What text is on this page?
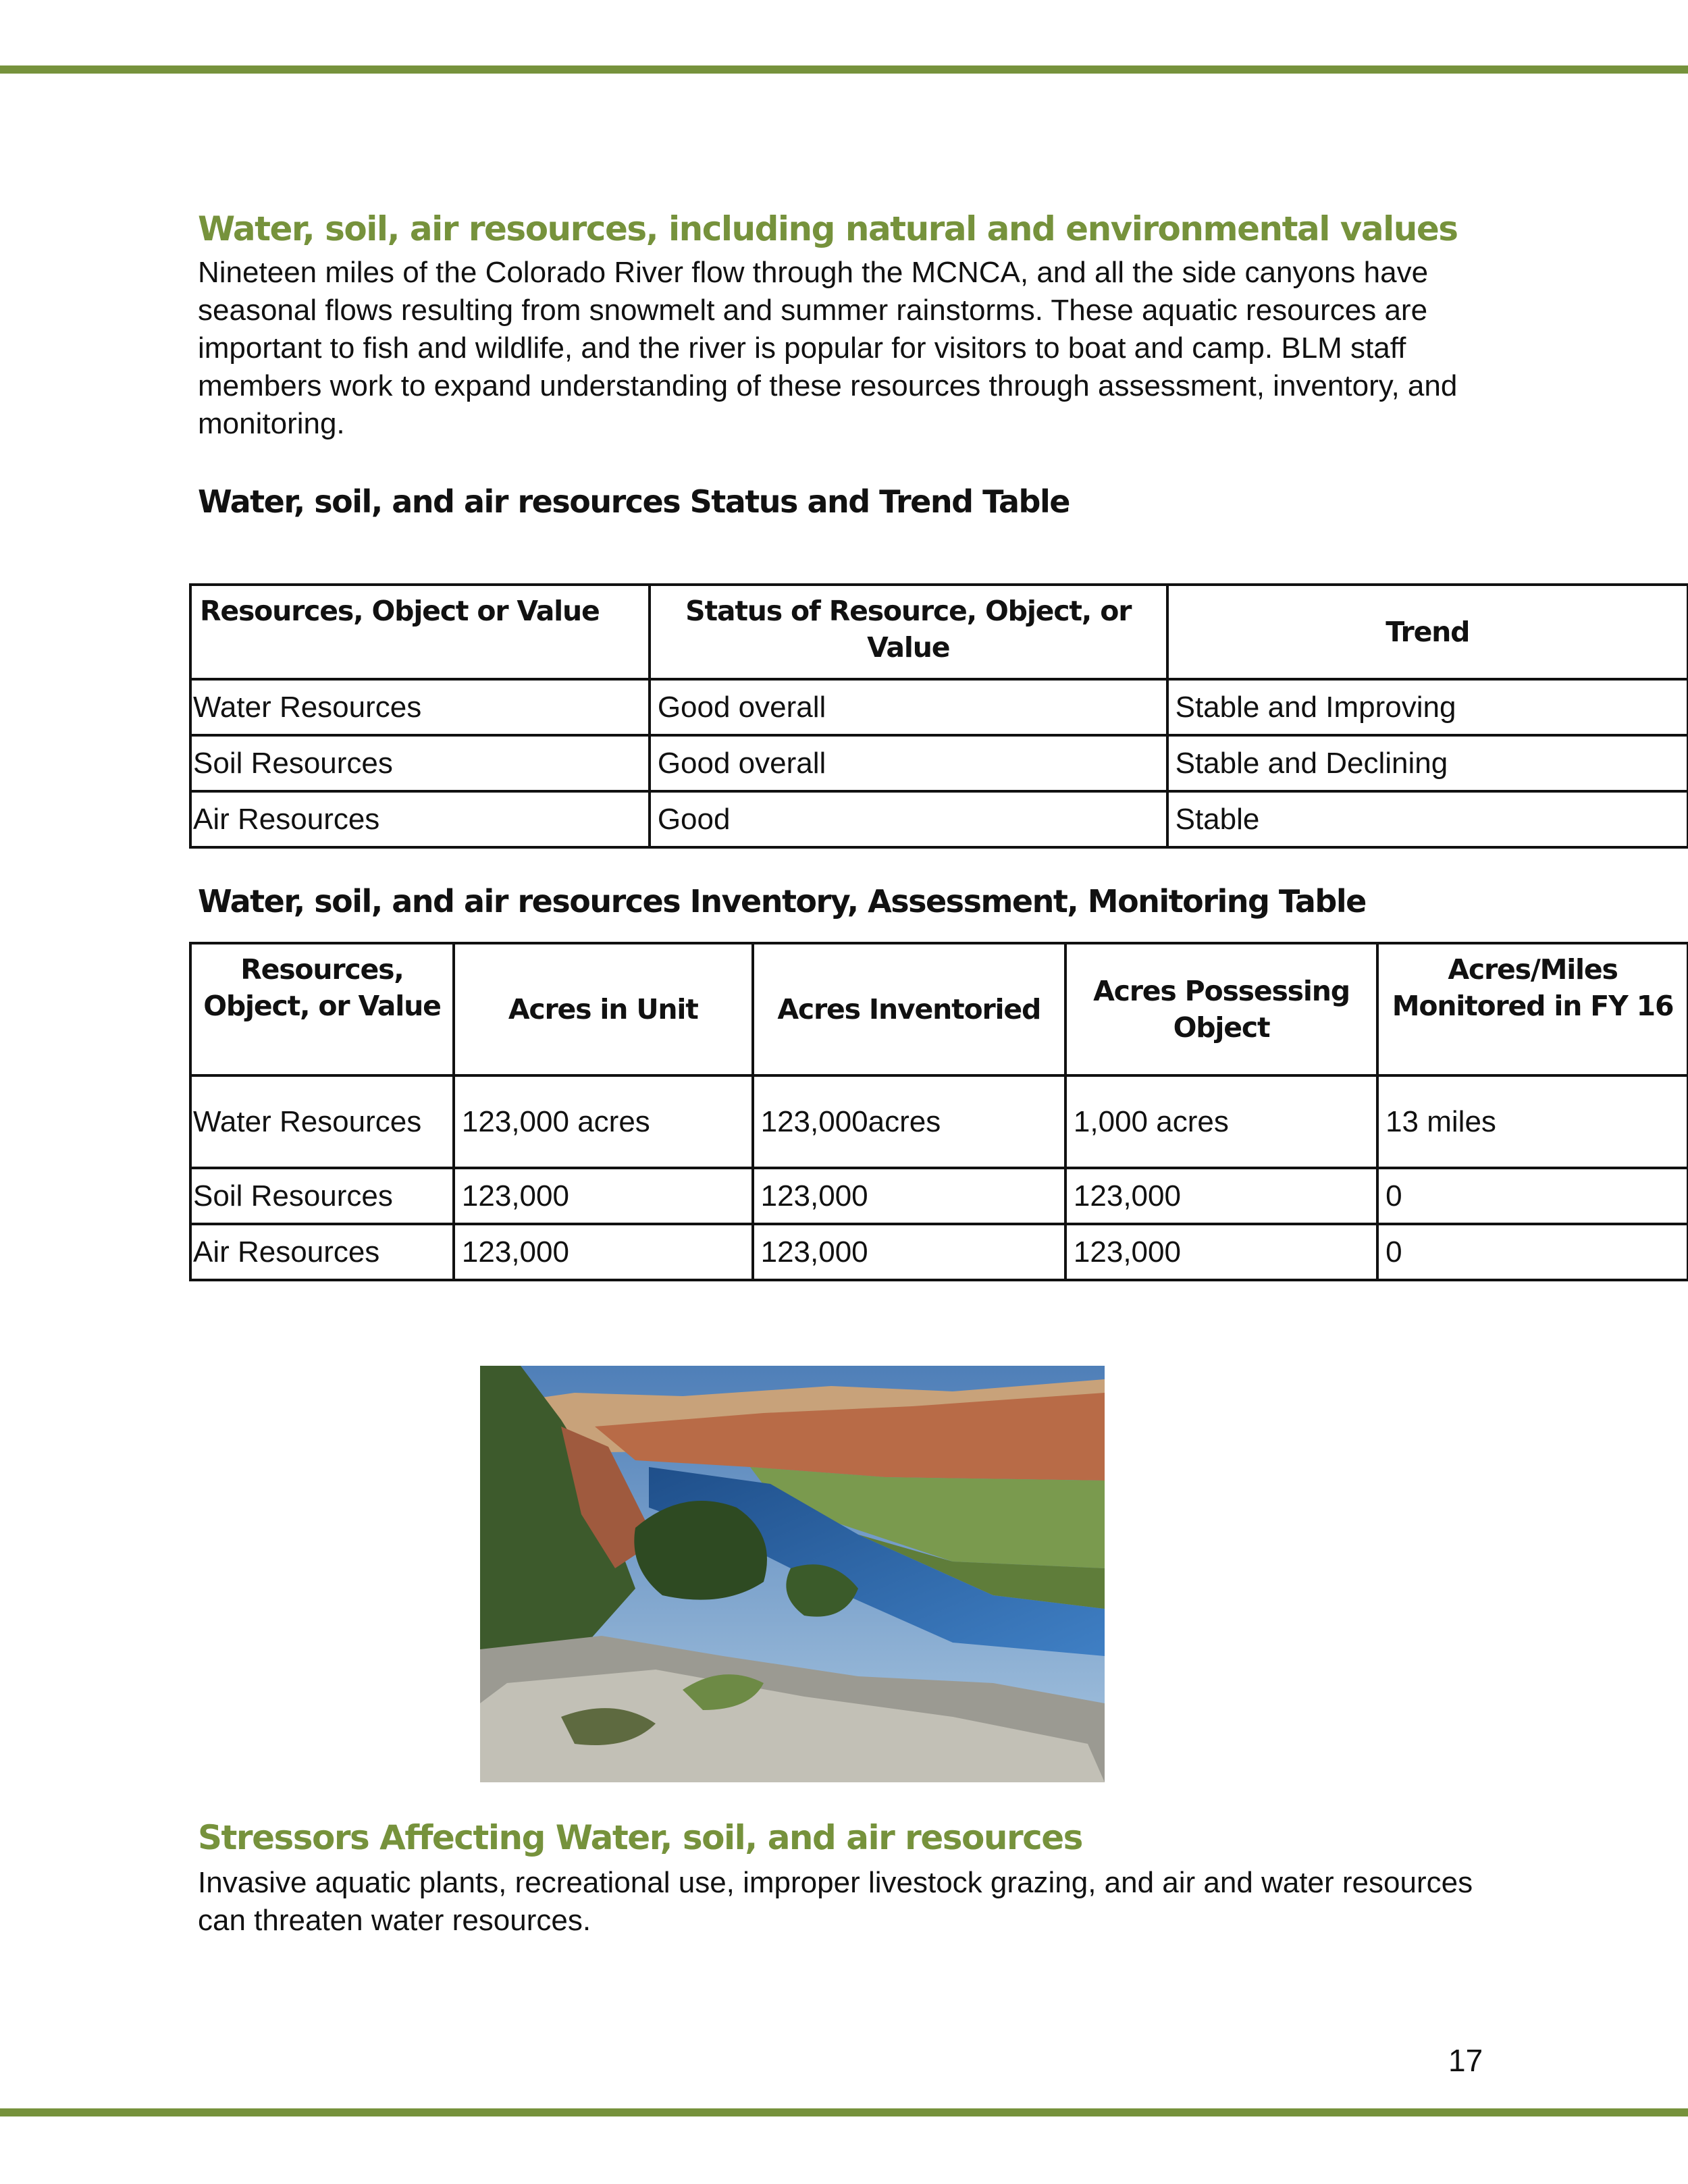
Water, soil, air resources, including natural and environmental values

Nineteen miles of the Colorado River flow through the MCNCA, and all the side canyons have seasonal flows resulting from snowmelt and summer rainstorms. These aquatic resources are important to fish and wildlife, and the river is popular for visitors to boat and camp. BLM staff members work to expand understanding of these resources through assessment, inventory, and monitoring.

Water, soil, and air resources Status and Trend Table
Resources, Object or Value	Status of Resource, Object, or Value	Trend
Water Resources	Good overall	Stable and Improving
Soil Resources	Good overall	Stable and Declining
Air Resources	Good	Stable
Water, soil, and air resources Inventory, Assessment, Monitoring Table
Resources, Object, or Value	Acres in Unit	Acres Inventoried	Acres Possessing Object	Acres/Miles Monitored in FY 16
Water Resources	123,000 acres	123,000acres	1,000 acres	13 miles
Soil Resources	123,000	123,000	123,000	0
Air Resources	123,000	123,000	123,000	0
Stressors Affecting Water, soil, and air resources

Invasive aquatic plants, recreational use, improper livestock grazing, and air and water resources can threaten water resources.

17
